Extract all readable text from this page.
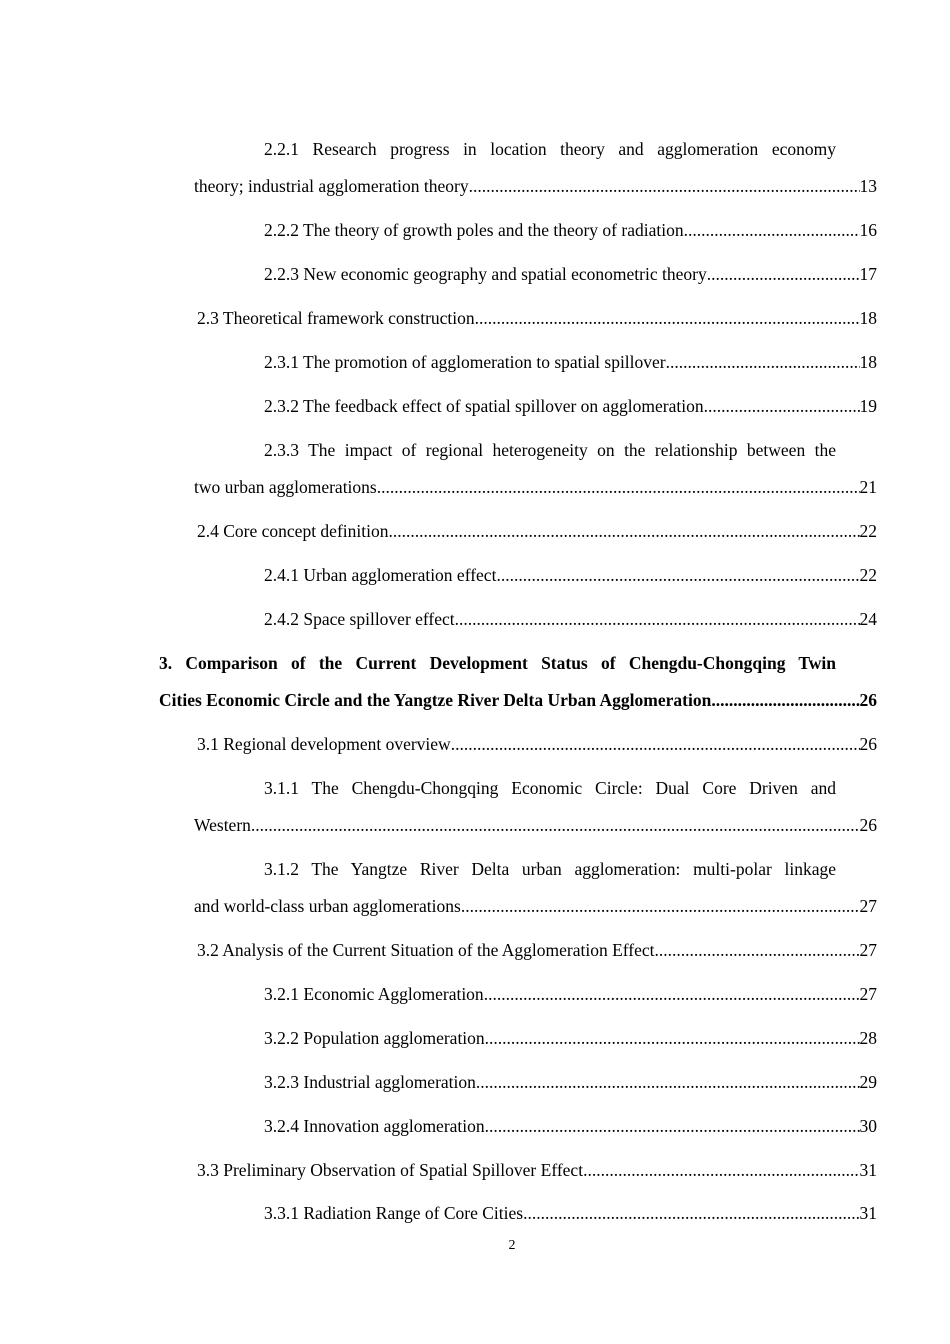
2.2.1 Research progress in location theory and agglomeration economy
theory; industrial agglomeration theory .....	13
2.2.2 The theory of growth poles and the theory of radiation .....	16
2.2.3 New economic geography and spatial econometric theory .....	17
2.3 Theoretical framework construction .....	18
2.3.1 The promotion of agglomeration to spatial spillover .....	18
2.3.2 The feedback effect of spatial spillover on agglomeration .....	19
2.3.3 The impact of regional heterogeneity on the relationship between the
two urban agglomerations .....	21
2.4 Core concept definition .....	22
2.4.1 Urban agglomeration effect .....	22
2.4.2 Space spillover effect .....	24
3. Comparison of the Current Development Status of Chengdu-Chongqing Twin
Cities Economic Circle and the Yangtze River Delta Urban Agglomeration .....	26
3.1 Regional development overview .....	26
3.1.1 The Chengdu-Chongqing Economic Circle: Dual Core Driven and
Western .....	26
3.1.2 The Yangtze River Delta urban agglomeration: multi-polar linkage
and world-class urban agglomerations .....	27
3.2 Analysis of the Current Situation of the Agglomeration Effect .....	27
3.2.1 Economic Agglomeration .....	27
3.2.2 Population agglomeration .....	28
3.2.3 Industrial agglomeration .....	29
3.2.4 Innovation agglomeration .....	30
3.3 Preliminary Observation of Spatial Spillover Effect .....	31
3.3.1 Radiation Range of Core Cities .....	31
2
